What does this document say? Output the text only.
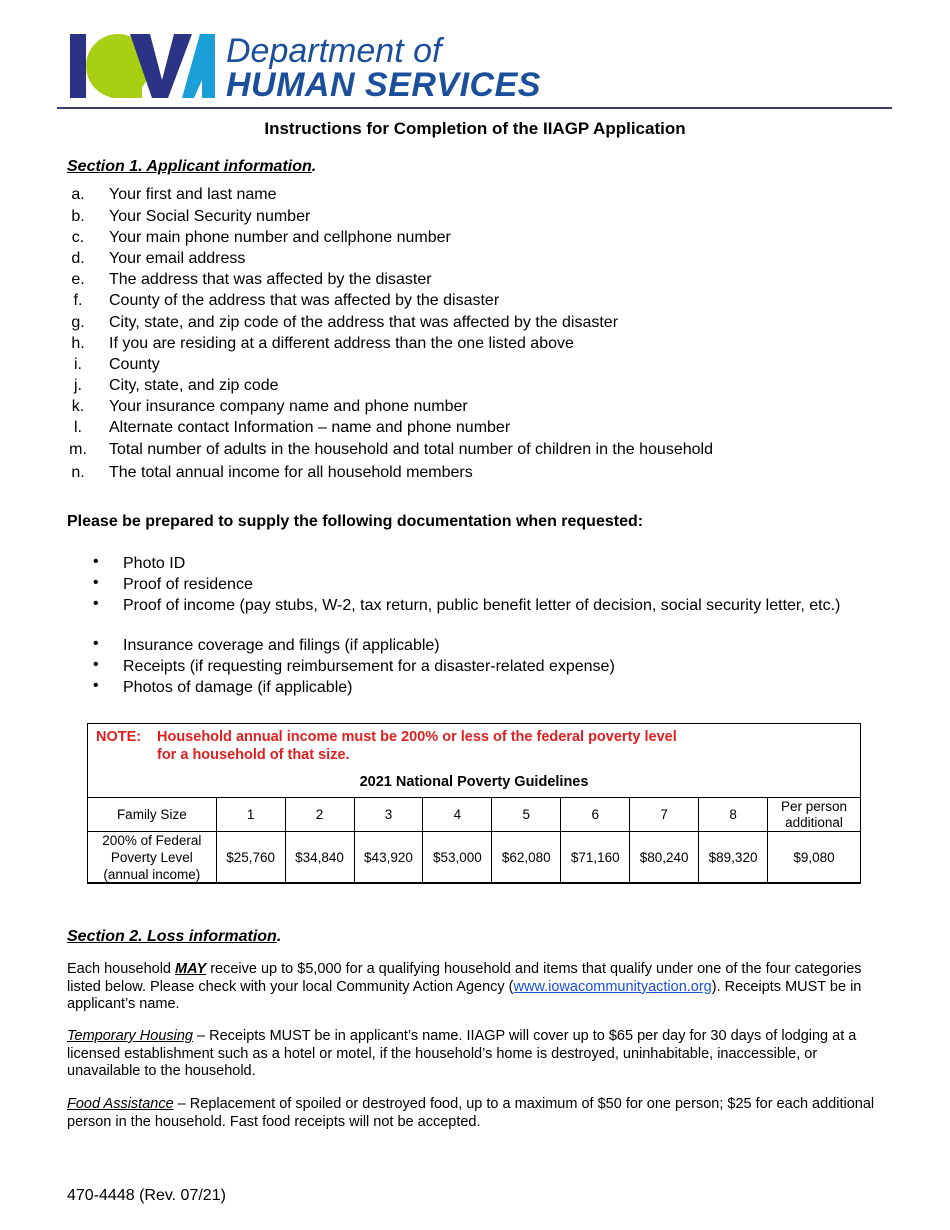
Department of
HUMAN SERVICES
Instructions for Completion of the IIAGP Application
Section 1. Applicant information.
a. Your first and last name
b. Your Social Security number
c. Your main phone number and cellphone number
d. Your email address
e. The address that was affected by the disaster
f.	County of the address that was affected by the disaster
g. City, state, and zip code of the address that was affected by the disaster
h. If you are residing at a different address than the one listed above
i.	County
j.	City, state, and zip code
k. Your insurance company name and phone number
l.	Alternate contact Information – name and phone number
m. Total number of adults in the household and total number of children in the household
n. The total annual income for all household members
Please be prepared to supply the following documentation when requested:
• Photo ID
• Proof of residence
• Proof of income (pay stubs, W-2, tax return, public benefit letter of decision, social security letter, etc.)
• Insurance coverage and filings (if applicable)
• Receipts (if requesting reimbursement for a disaster-related expense)
• Photos of damage (if applicable)
NOTE: Household annual income must be 200% or less of the federal poverty level
for a household of that size.
2021 National Poverty Guidelines
Family Size	1	2	3	4	5	6	7	8	Per person additional
200% of Federal Poverty Level (annual income)	$25,760	$34,840	$43,920	$53,000	$62,080	$71,160	$80,240	$89,320	$9,080
Section 2. Loss information.
Each household MAY receive up to $5,000 for a qualifying household and items that qualify under one of the four categories listed below. Please check with your local Community Action Agency (www.iowacommunityaction.org). Receipts MUST be in applicant’s name.
Temporary Housing – Receipts MUST be in applicant’s name. IIAGP will cover up to $65 per day for 30 days of lodging at a licensed establishment such as a hotel or motel, if the household’s home is destroyed, uninhabitable, inaccessible, or unavailable to the household.
Food Assistance – Replacement of spoiled or destroyed food, up to a maximum of $50 for one person; $25 for each additional person in the household. Fast food receipts will not be accepted.
470-4448 (Rev. 07/21)
